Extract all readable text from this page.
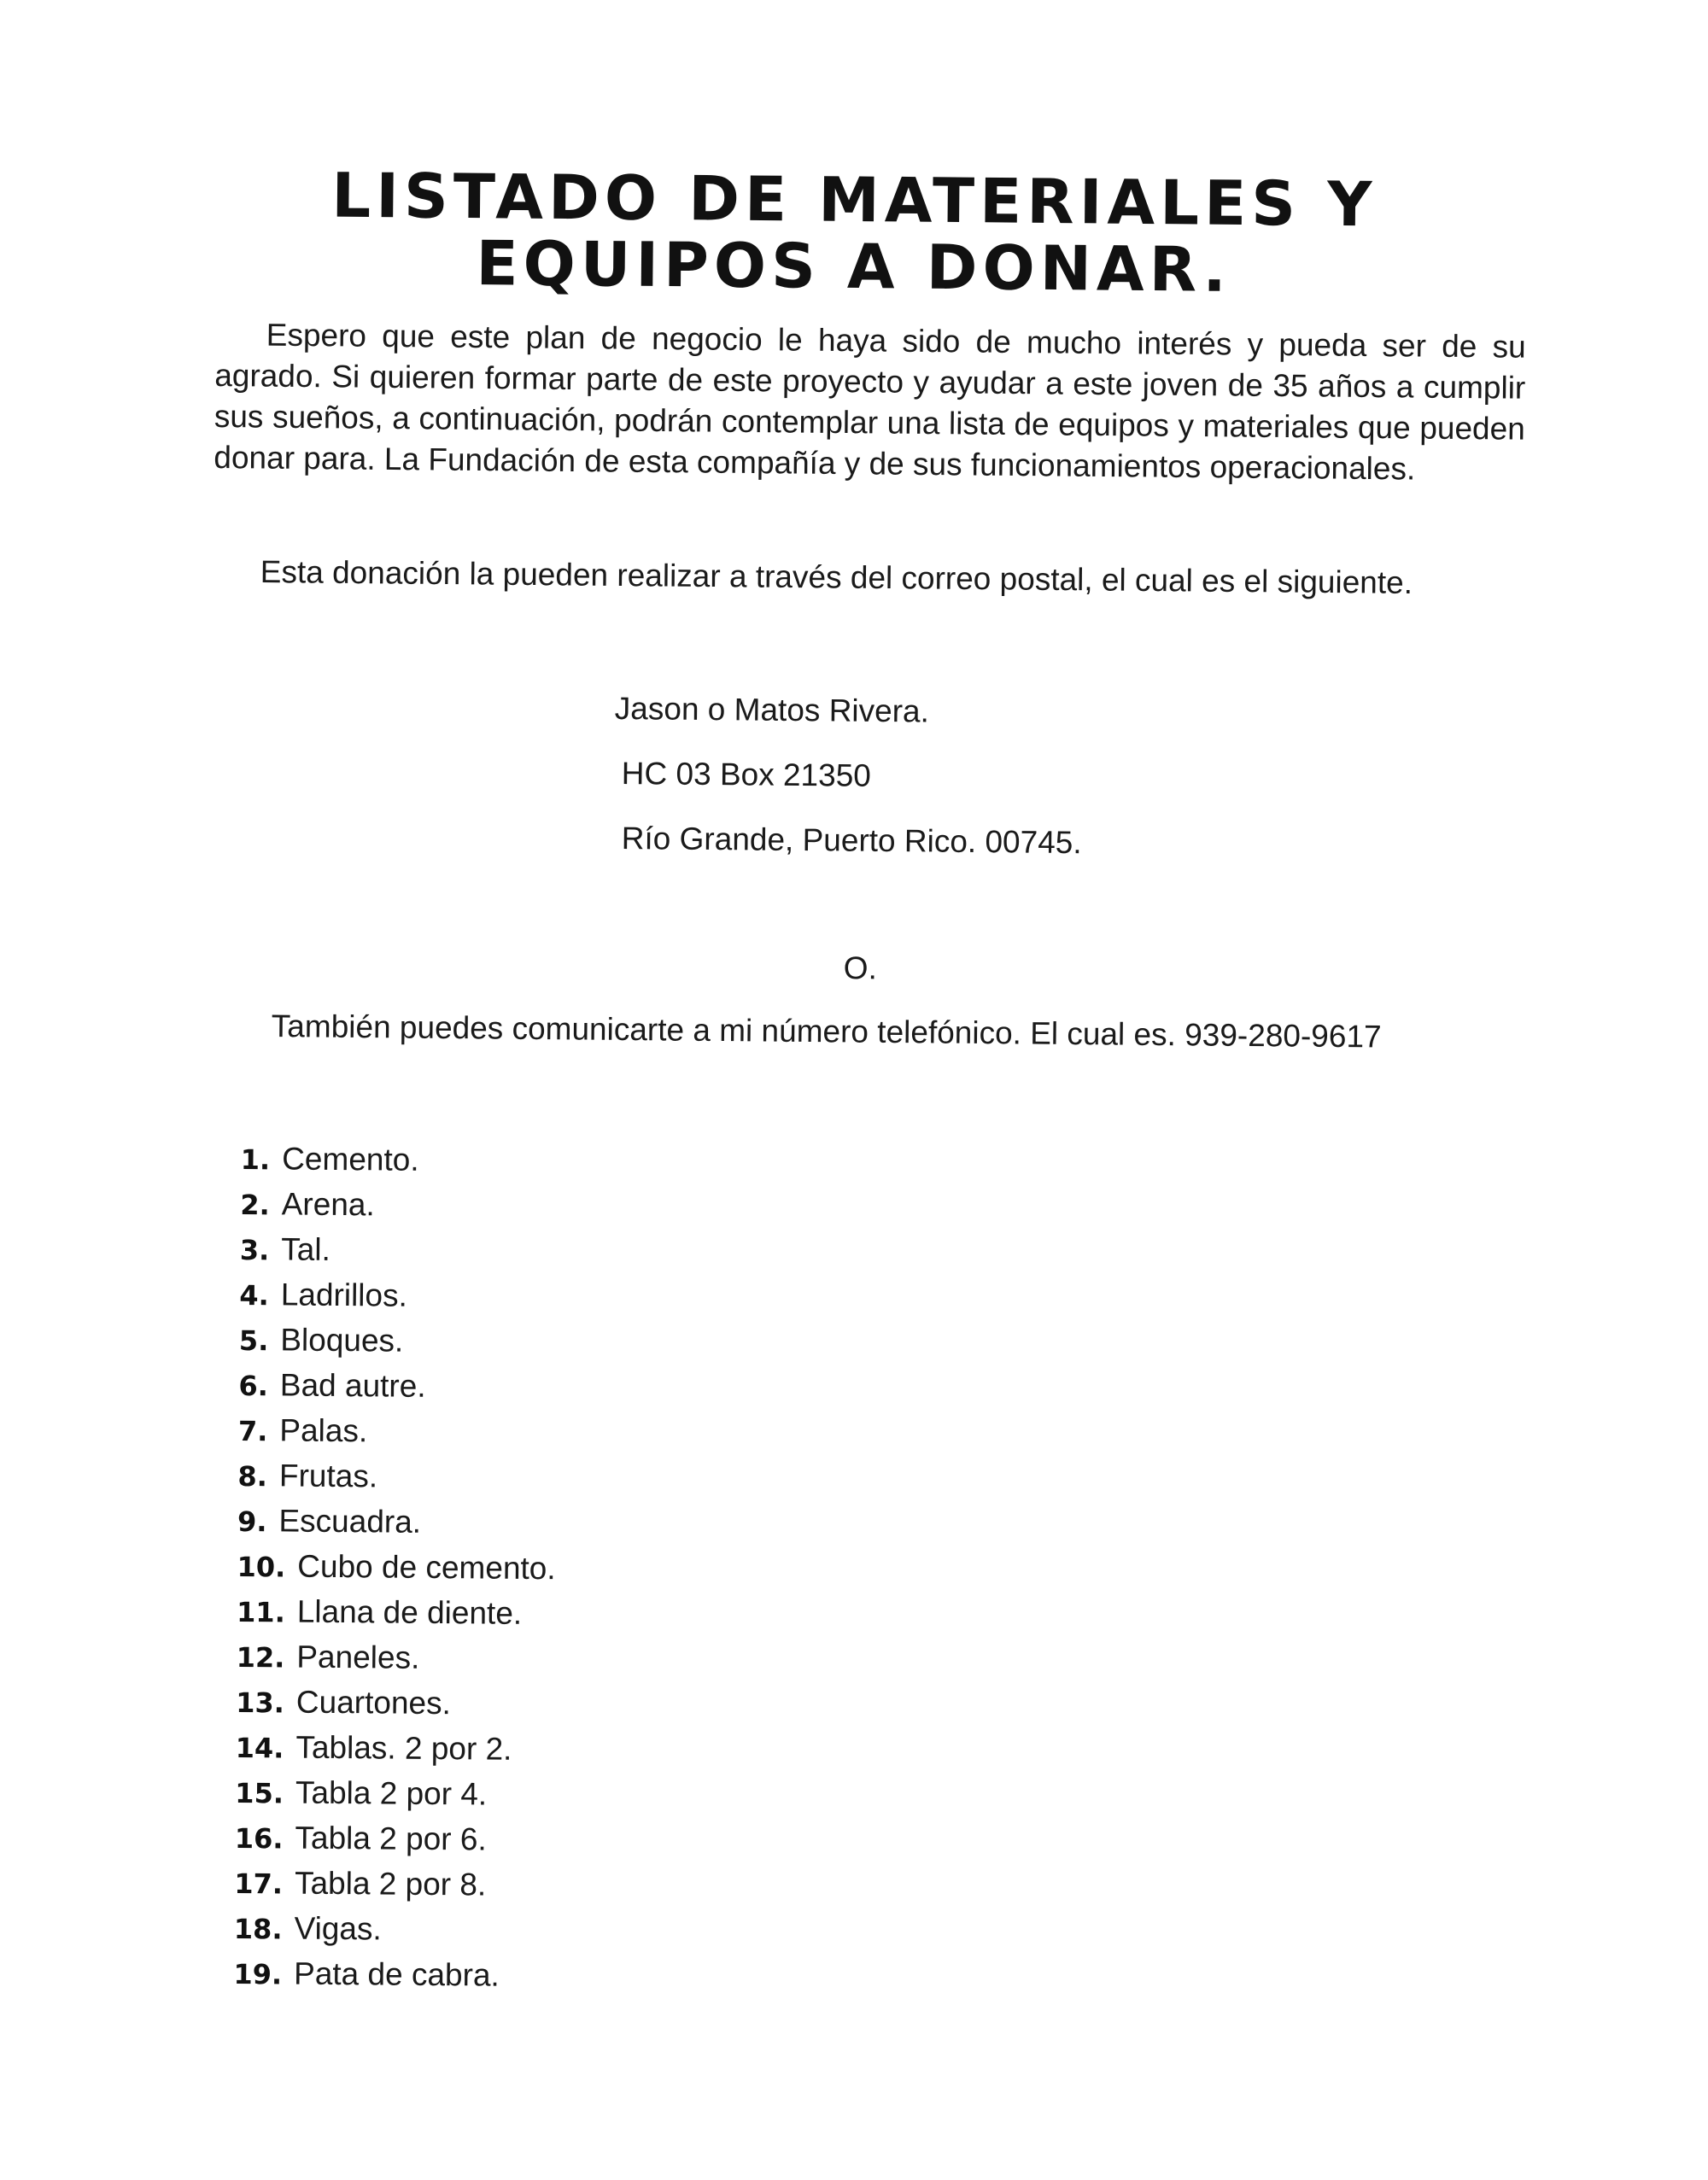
LISTADO DE MATERIALES Y
EQUIPOS A DONAR.

Espero que este plan de negocio le haya sido de mucho interés y pueda ser de su agrado. Si quieren formar parte de este proyecto y ayudar a este joven de 35 años a cumplir sus sueños, a continuación, podrán contemplar una lista de equipos y materiales que pueden donar para. La Fundación de esta compañía y de sus funcionamientos operacionales.

Esta donación la pueden realizar a través del correo postal, el cual es el siguiente.

Jason o Matos Rivera.

HC 03 Box 21350

Río Grande, Puerto Rico. 00745.

O.

También puedes comunicarte a mi número telefónico. El cual es. 939-280-9617

1. Cemento.
2. Arena.
3. Tal.
4. Ladrillos.
5. Bloques.
6. Bad autre.
7. Palas.
8. Frutas.
9. Escuadra.
10. Cubo de cemento.
11. Llana de diente.
12. Paneles.
13. Cuartones.
14. Tablas. 2 por 2.
15. Tabla 2 por 4.
16. Tabla 2 por 6.
17. Tabla 2 por 8.
18. Vigas.
19. Pata de cabra.
